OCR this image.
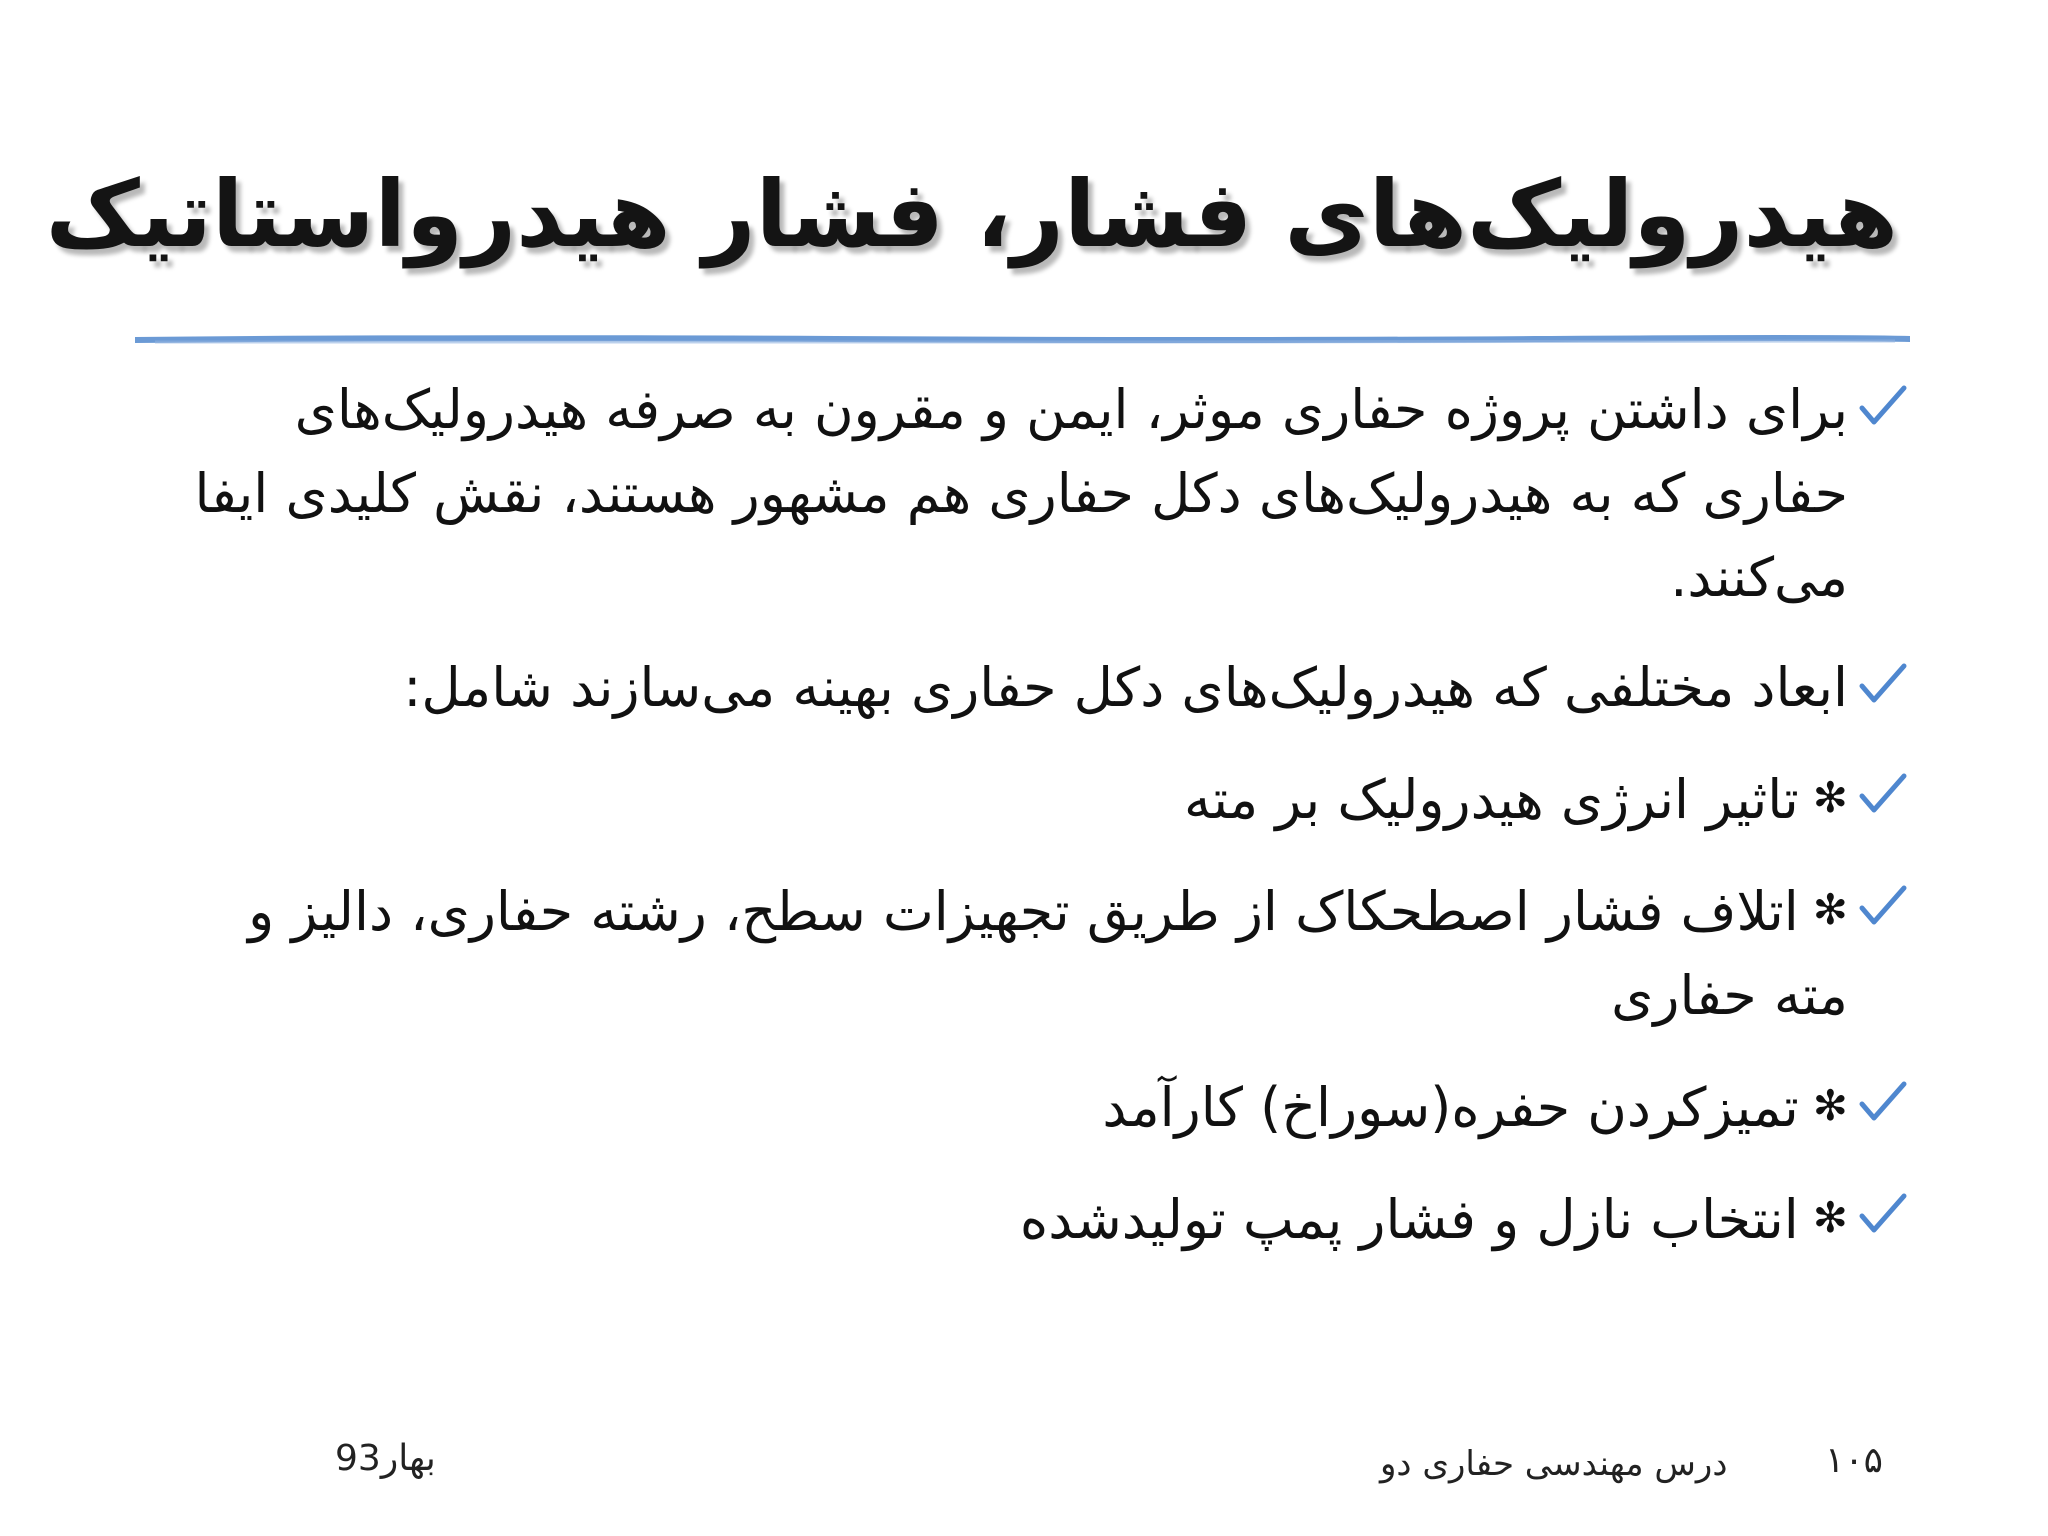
هیدرولیک‌های فشار، فشار هیدرواستاتیک
برای داشتن پروژه حفاری موثر، ایمن و مقرون به صرفه هیدرولیک‌های حفاری که به هیدرولیک‌های دکل حفاری هم مشهور هستند، نقش کلیدی ایفا می‌کنند.
ابعاد مختلفی که هیدرولیک‌های دکل حفاری بهینه می‌سازند شامل:
✻تاثیر انرژی هیدرولیک بر مته
✻اتلاف فشار اصطحکاک از طریق تجهیزات سطح، رشته حفاری، دالیز و مته حفاری
✻تمیزکردن حفره(سوراخ) کارآمد
✻انتخاب نازل و فشار پمپ تولیدشده
بهار93	درس مهندسی حفاری دو	۱۰۵
